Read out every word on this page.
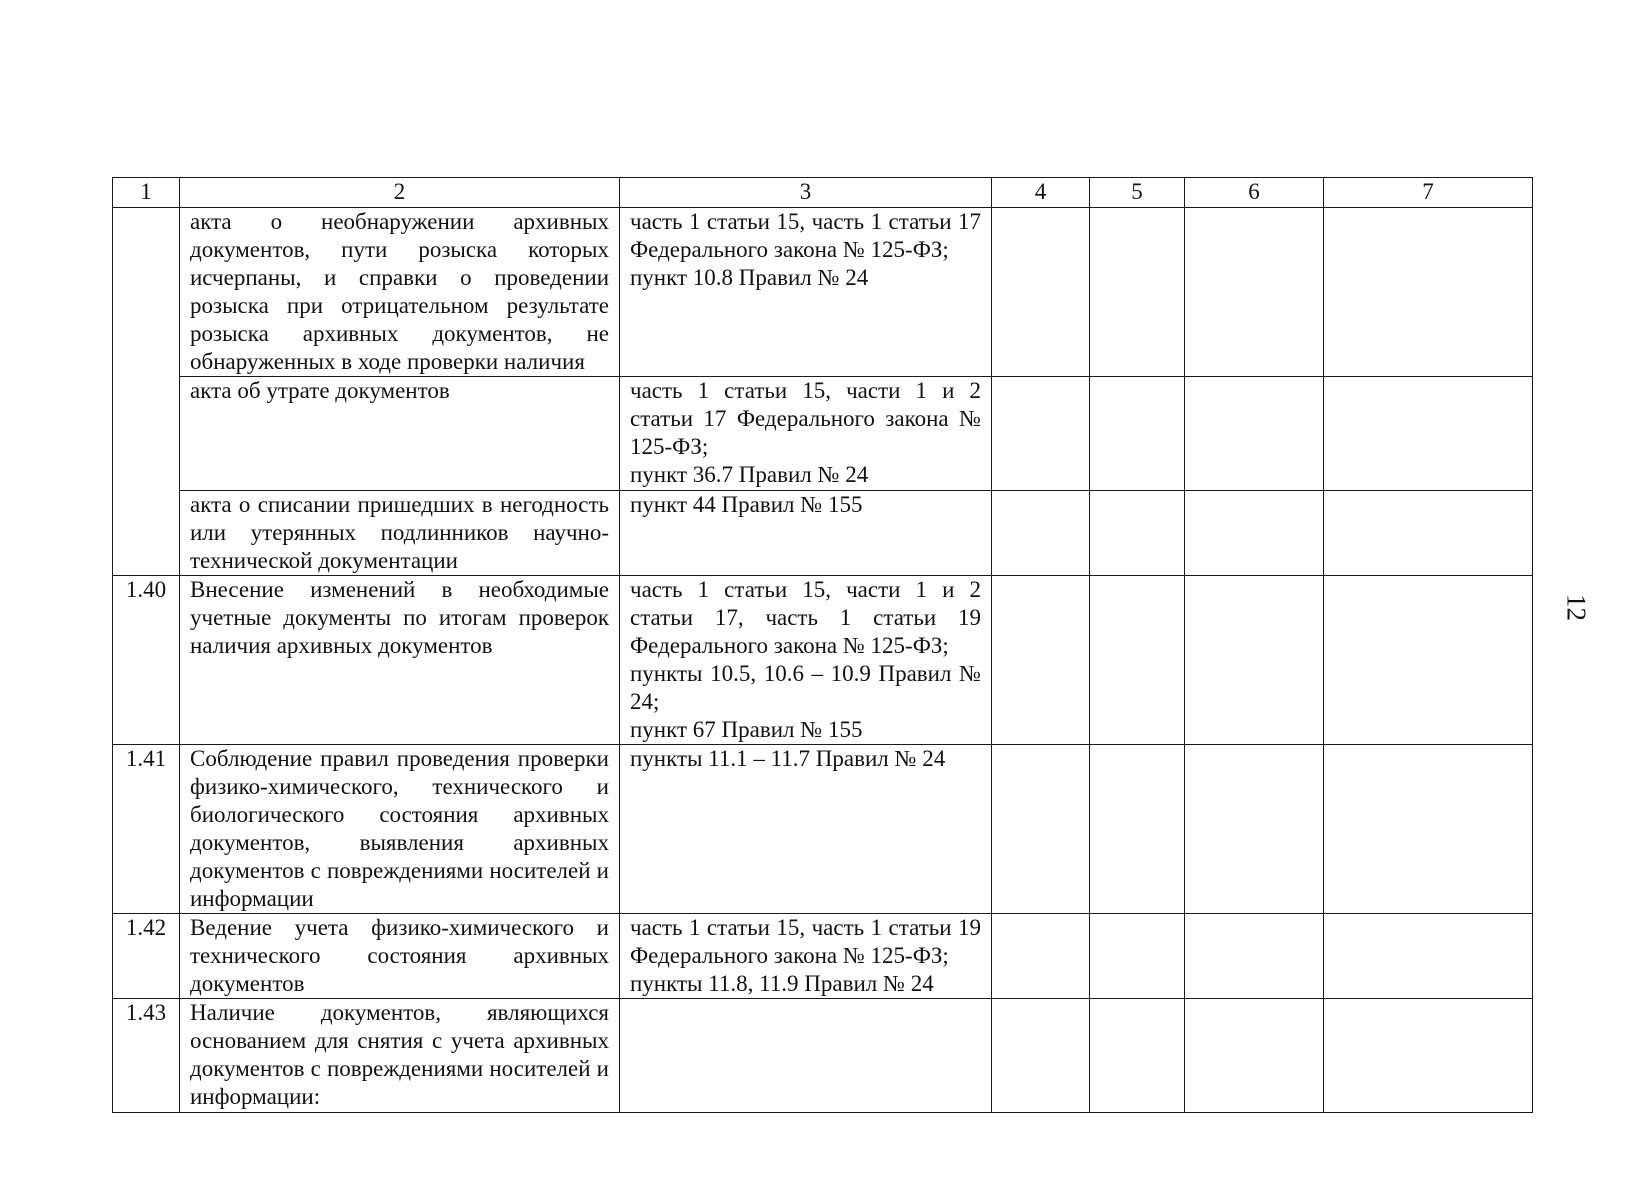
1	2	3	4	5	6	7
	акта о необнаружении архивных документов, пути розыска которых исчерпаны, и справки о проведении розыска при отрицательном результате розыска архивных документов, не обнаруженных в ходе проверки наличия	часть 1 статьи 15, часть 1 статьи 17 Федерального закона № 125-ФЗ;
пункт 10.8 Правил № 24				

	акта об утрате документов	часть 1 статьи 15, части 1 и 2 статьи 17 Федерального закона № 125-ФЗ;
пункт 36.7 Правил № 24				

	акта о списании пришедших в негодность или утерянных подлинников научно-технической документации	пункт 44 Правил № 155				

1.40	Внесение изменений в необходимые учетные документы по итогам проверок наличия архивных документов	часть 1 статьи 15, части 1 и 2 статьи 17, часть 1 статьи 19 Федерального закона № 125-ФЗ;
пункты 10.5, 10.6 – 10.9 Правил № 24;
пункт 67 Правил № 155				

1.41	Соблюдение правил проведения проверки физико-химического, технического и биологического состояния архивных документов, выявления архивных документов с повреждениями носителей и информации	пункты 11.1 – 11.7 Правил № 24				

1.42	Ведение учета физико-химического и технического состояния архивных документов	часть 1 статьи 15, часть 1 статьи 19 Федерального закона № 125-ФЗ;
пункты 11.8, 11.9 Правил № 24				

1.43	Наличие документов, являющихся основанием для снятия с учета архивных документов с повреждениями носителей и информации:					
12
